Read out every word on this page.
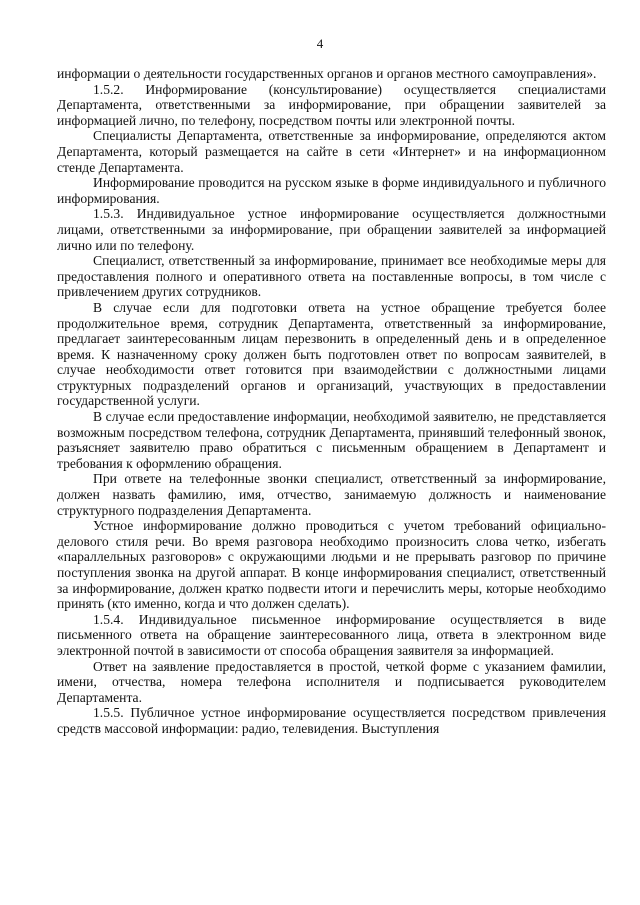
4

информации о деятельности государственных органов и органов местного самоуправления».

1.5.2. Информирование (консультирование) осуществляется специалистами Департамента, ответственными за информирование, при обращении заявителей за информацией лично, по телефону, посредством почты или электронной почты.

Специалисты Департамента, ответственные за информирование, определяются актом Департамента, который размещается на сайте в сети «Интернет» и на информационном стенде Департамента.

Информирование проводится на русском языке в форме индивидуального и публичного информирования.

1.5.3. Индивидуальное устное информирование осуществляется должностными лицами, ответственными за информирование, при обращении заявителей за информацией лично или по телефону.

Специалист, ответственный за информирование, принимает все необходимые меры для предоставления полного и оперативного ответа на поставленные вопросы, в том числе с привлечением других сотрудников.

В случае если для подготовки ответа на устное обращение требуется более продолжительное время, сотрудник Департамента, ответственный за информирование, предлагает заинтересованным лицам перезвонить в определенный день и в определенное время. К назначенному сроку должен быть подготовлен ответ по вопросам заявителей, в случае необходимости ответ готовится при взаимодействии с должностными лицами структурных подразделений органов и организаций, участвующих в предоставлении государственной услуги.

В случае если предоставление информации, необходимой заявителю, не представляется возможным посредством телефона, сотрудник Департамента, принявший телефонный звонок, разъясняет заявителю право обратиться с письменным обращением в Департамент и требования к оформлению обращения.

При ответе на телефонные звонки специалист, ответственный за информирование, должен назвать фамилию, имя, отчество, занимаемую должность и наименование структурного подразделения Департамента.

Устное информирование должно проводиться с учетом требований официально-делового стиля речи. Во время разговора необходимо произносить слова четко, избегать «параллельных разговоров» с окружающими людьми и не прерывать разговор по причине поступления звонка на другой аппарат. В конце информирования специалист, ответственный за информирование, должен кратко подвести итоги и перечислить меры, которые необходимо принять (кто именно, когда и что должен сделать).

1.5.4. Индивидуальное письменное информирование осуществляется в виде письменного ответа на обращение заинтересованного лица, ответа в электронном виде электронной почтой в зависимости от способа обращения заявителя за информацией.

Ответ на заявление предоставляется в простой, четкой форме с указанием фамилии, имени, отчества, номера телефона исполнителя и подписывается руководителем Департамента.

1.5.5. Публичное устное информирование осуществляется посредством привлечения средств массовой информации: радио, телевидения. Выступления
